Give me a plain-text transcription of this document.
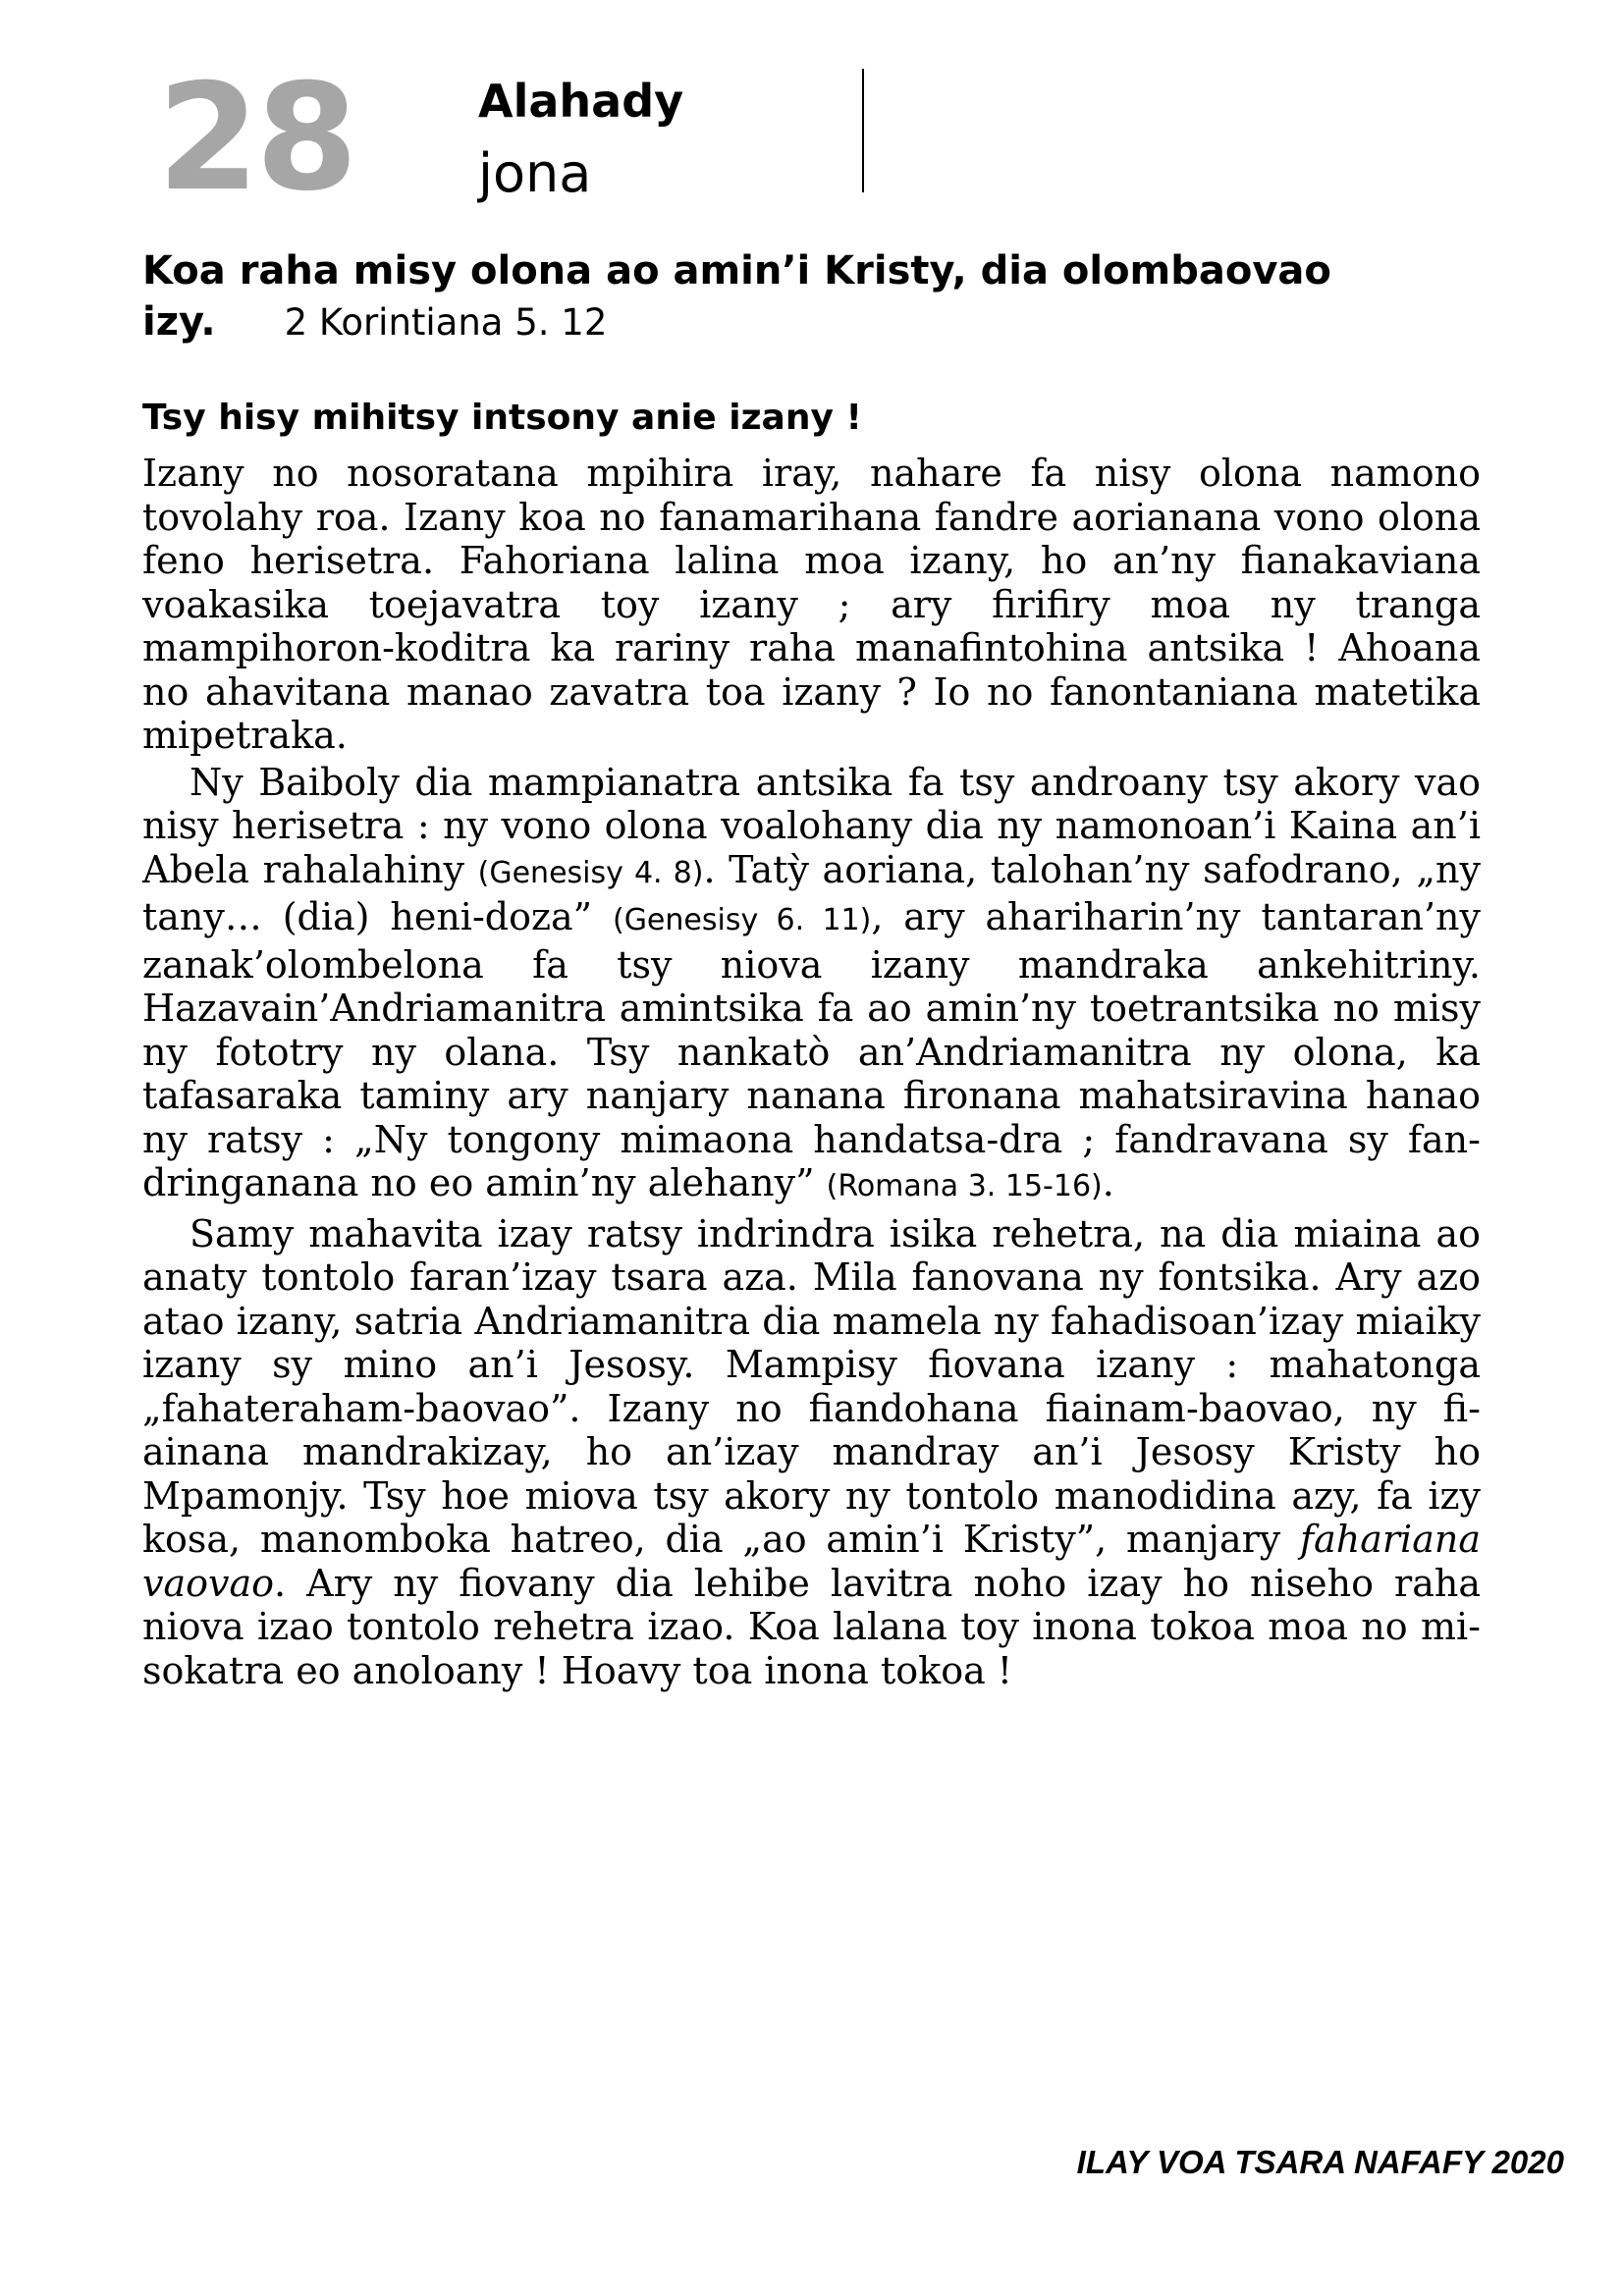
28	Alahady
jona
Koa raha misy olona ao amin’i Kristy, dia olombaovao izy. 2 Korintiana 5. 12
Tsy hisy mihitsy intsony anie izany !

Izany no nosoratana mpihira iray, nahare fa nisy olona namono tovolahy roa. Izany koa no fanamarihana fandre aorianana vono olona feno herisetra. Fahoriana lalina moa izany, ho an’ny fianakaviana voakasika toejavatra toy izany ; ary firifiry moa ny tranga mampihoron-koditra ka rariny raha manafintohina antsika ! Ahoana no ahavitana manao zavatra toa izany ? Io no fanontaniana matetika mipetraka.

Ny Baiboly dia mampianatra antsika fa tsy androany tsy akory vao nisy herisetra : ny vono olona voalohany dia ny namonoan’i Kaina an’i Abela rahalahiny (Genesisy 4. 8). Tatỳ aoriana, talohan’ny safodrano, „ny tany… (dia) heni-doza” (Genesisy 6. 11), ary ahariharin’ny tantaran’ny zanak’olombelona fa tsy niova izany mandraka ankehitriny. Hazavain’Andriamanitra amintsika fa ao amin’ny toetrantsika no misy ny fototry ny olana. Tsy nankatò an’Andriamanitra ny olona, ka tafasaraka taminy ary nanjary nanana fironana mahatsiravina hanao ny ratsy : „Ny tongony mimaona handatsa-dra ; fandravana sy fandringanana no eo amin’ny alehany” (Romana 3. 15-16).

Samy mahavita izay ratsy indrindra isika rehetra, na dia miaina ao anaty tontolo faran’izay tsara aza. Mila fanovana ny fontsika. Ary azo atao izany, satria Andriamanitra dia mamela ny fahadisoan’izay miaiky izany sy mino an’i Jesosy. Mampisy fiovana izany : mahatonga „fahateraham-baovao”. Izany no fiandohana fiainam-baovao, ny fiainana mandrakizay, ho an’izay mandray an’i Jesosy Kristy ho Mpamonjy. Tsy hoe miova tsy akory ny tontolo manodidina azy, fa izy kosa, manomboka hatreo, dia „ao amin’i Kristy”, manjary fahariana vaovao. Ary ny fiovany dia lehibe lavitra noho izay ho niseho raha niova izao tontolo rehetra izao. Koa lalana toy inona tokoa moa no misokatra eo anoloany ! Hoavy toa inona tokoa !

ILAY VOA TSARA NAFAFY 2020
